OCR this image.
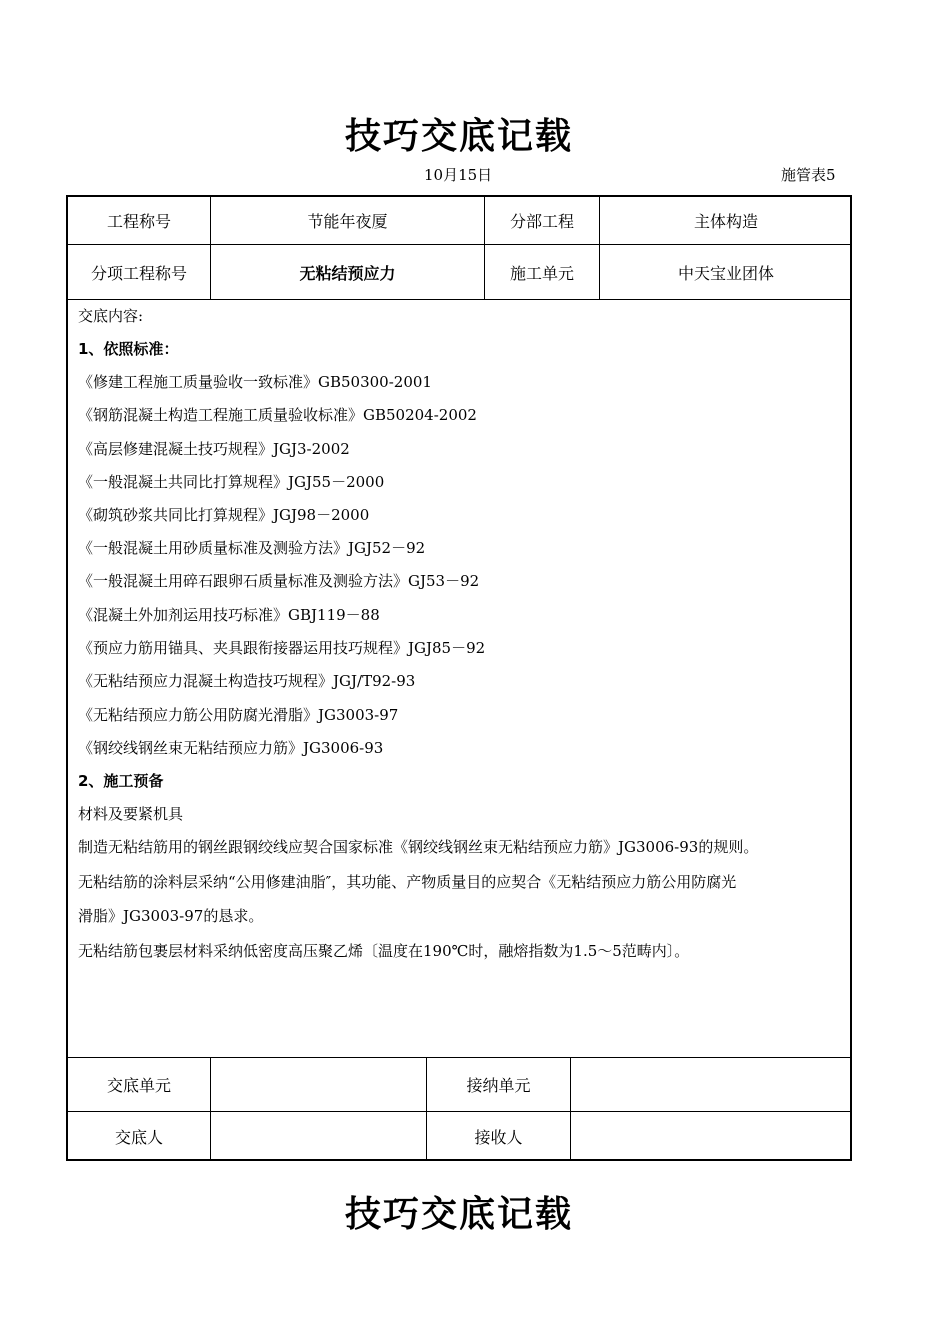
技巧交底记载
10月15日	施管表5
工程称号	节能年夜厦	分部工程	主体构造
分项工程称号	无粘结预应力	施工单元	中天宝业团体
交底内容:
1、依照标准：
《修建工程施工质量验收一致标准》GB50300-2001
《钢筋混凝土构造工程施工质量验收标准》GB50204-2002
《高层修建混凝土技巧规程》JGJ3-2002
《一般混凝土共同比打算规程》JGJ55－2000
《砌筑砂浆共同比打算规程》JGJ98－2000
《一般混凝土用砂质量标准及测验方法》JGJ52－92
《一般混凝土用碎石跟卵石质量标准及测验方法》GJ53－92
《混凝土外加剂运用技巧标准》GBJ119－88
《预应力筋用锚具、夹具跟衔接器运用技巧规程》JGJ85－92
《无粘结预应力混凝土构造技巧规程》JGJ/T92-93
《无粘结预应力筋公用防腐光滑脂》JG3003-97
《钢绞线钢丝束无粘结预应力筋》JG3006-93
2、施工预备
材料及要紧机具
制造无粘结筋用的钢丝跟钢绞线应契合国家标准《钢绞线钢丝束无粘结预应力筋》JG3006-93的规则。
无粘结筋的涂料层采纳“公用修建油脂″，其功能、产物质量目的应契合《无粘结预应力筋公用防腐光
滑脂》JG3003-97的恳求。
无粘结筋包裹层材料采纳低密度高压聚乙烯〔温度在190℃时，融熔指数为1.5～5范畴内〕。
交底单元	接纳单元
交底人	接收人
技巧交底记载
